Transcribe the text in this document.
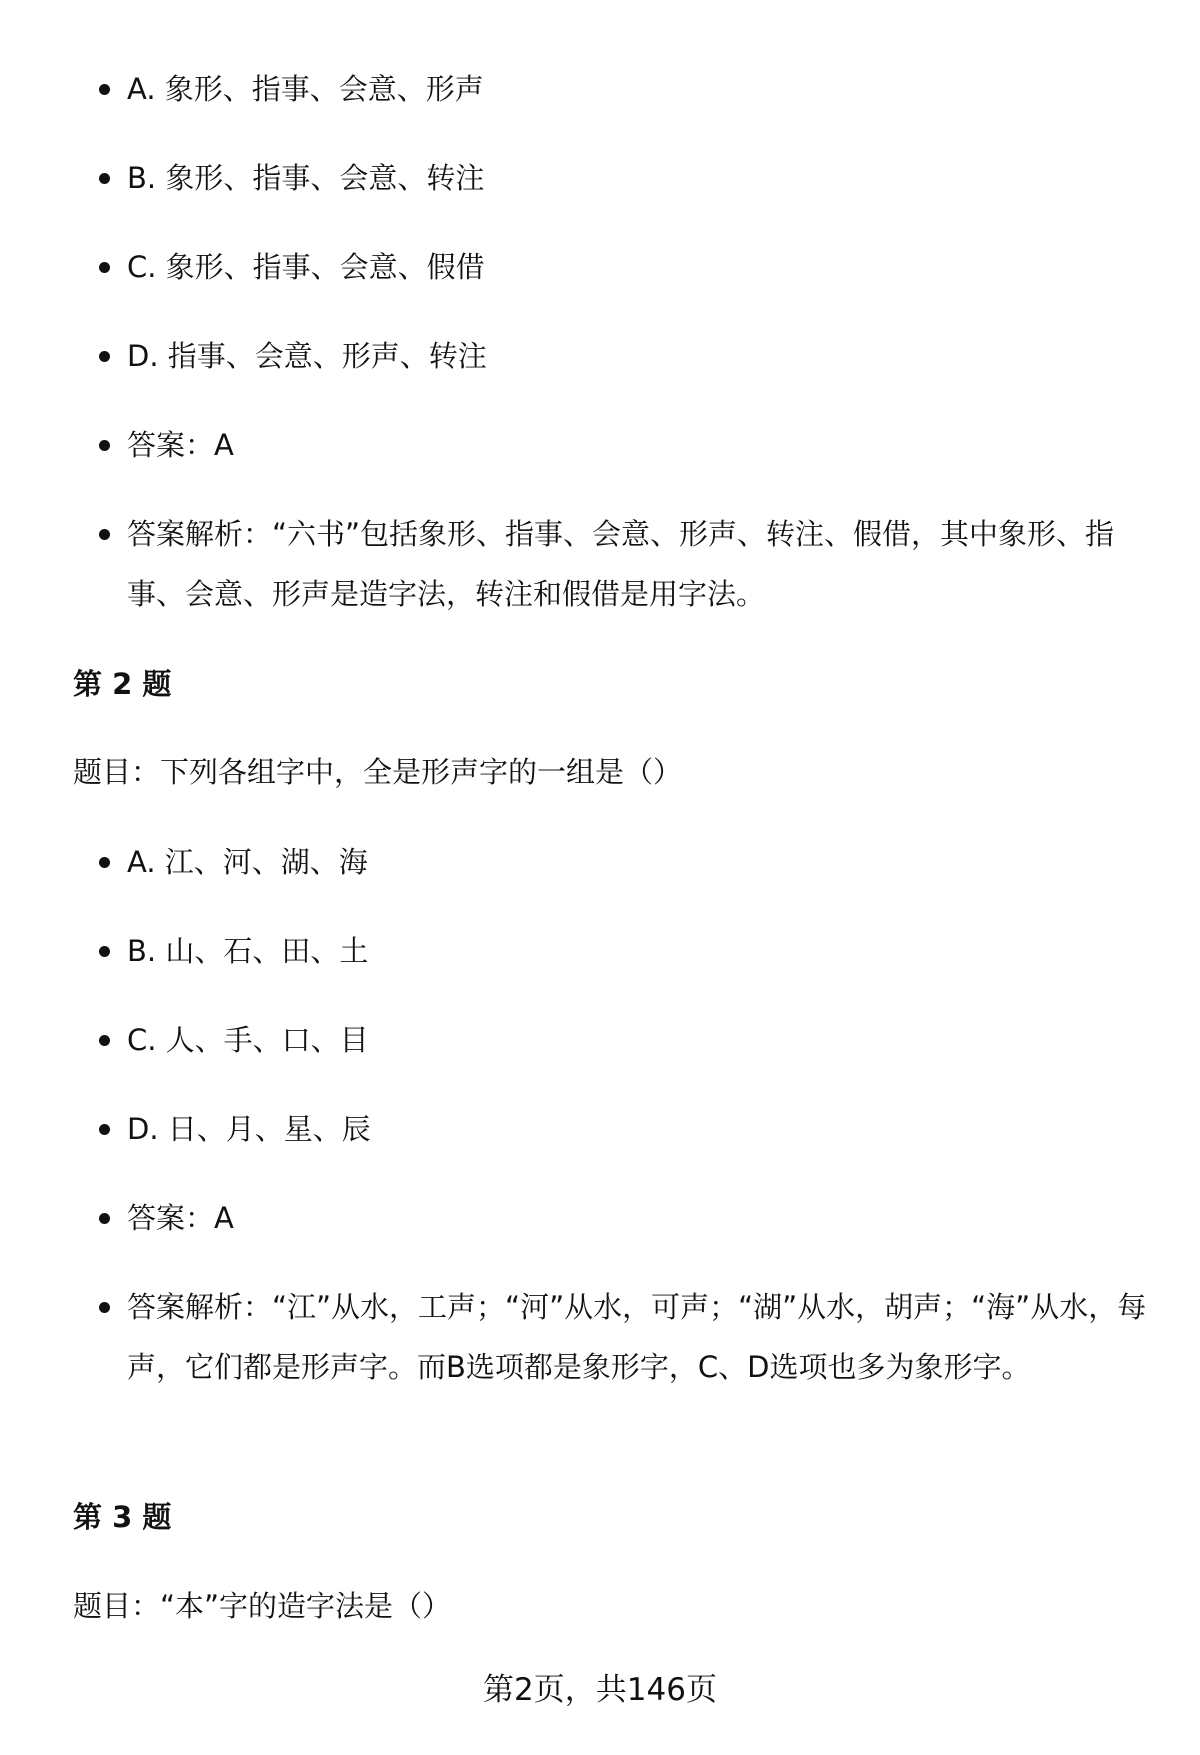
A. 象形、指事、会意、形声
B. 象形、指事、会意、转注
C. 象形、指事、会意、假借
D. 指事、会意、形声、转注
答案：A
答案解析：“六书”包括象形、指事、会意、形声、转注、假借，其中象形、指事、会意、形声是造字法，转注和假借是用字法。
第 2 题
题目：下列各组字中，全是形声字的一组是（）
A. 江、河、湖、海
B. 山、石、田、土
C. 人、手、口、目
D. 日、月、星、辰
答案：A
答案解析：“江”从水，工声；“河”从水，可声；“湖”从水，胡声；“海”从水，每声，它们都是形声字。而B选项都是象形字，C、D选项也多为象形字。
第 3 题
题目：“本”字的造字法是（）
第2页，共146页
